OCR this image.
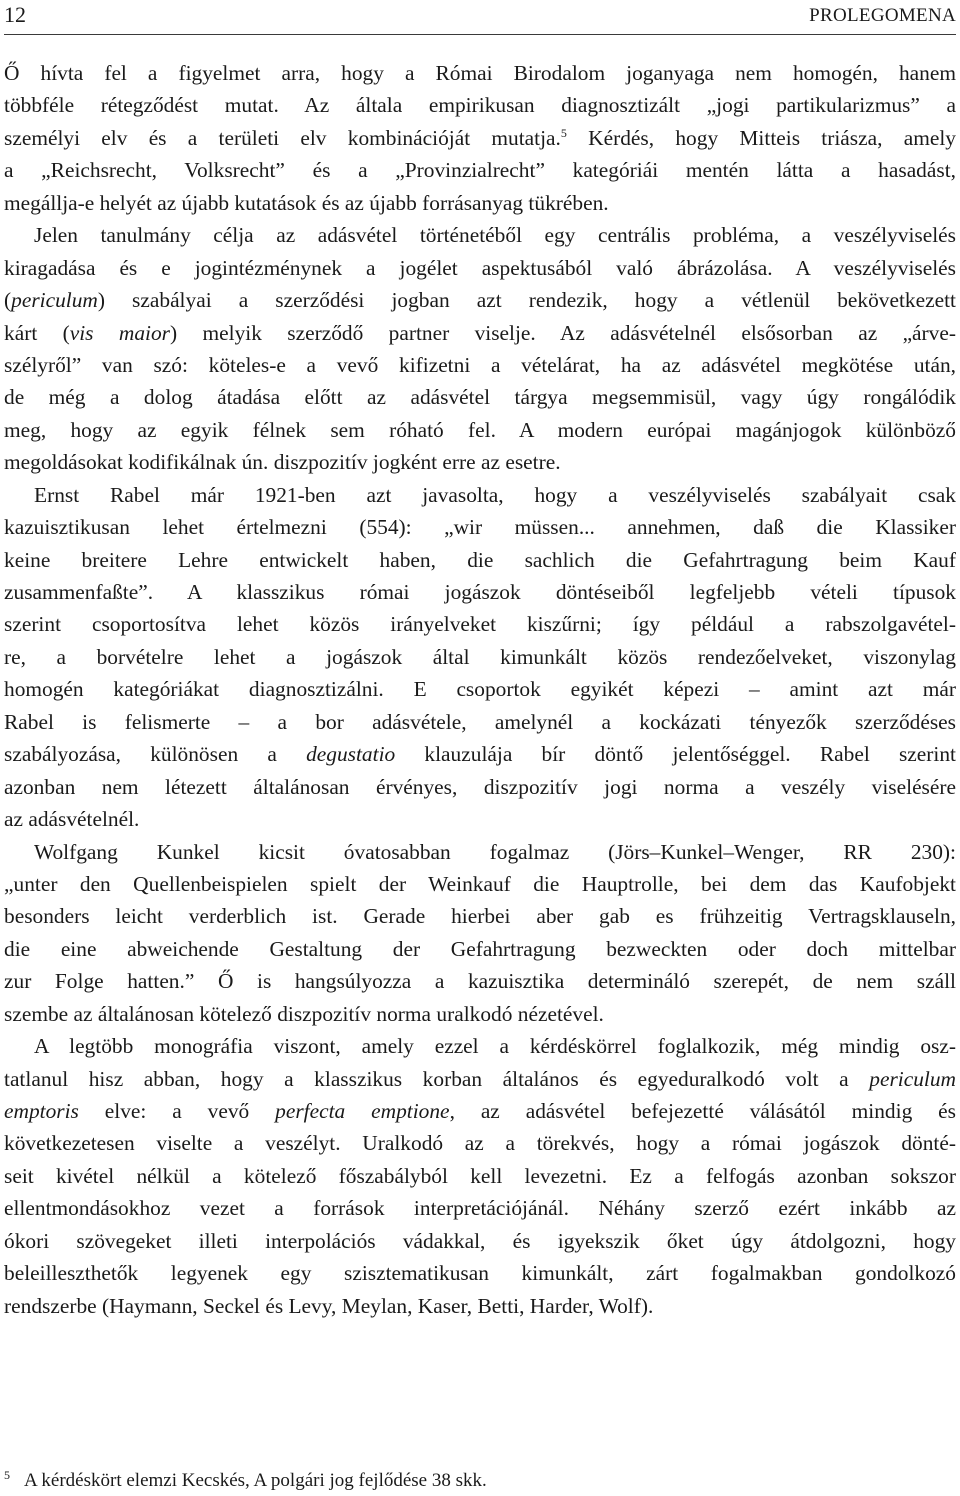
12	PROLEGOMENA
Ő hívta fel a figyelmet arra, hogy a Római Birodalom joganyaga nem homogén, hanem
többféle rétegződést mutat. Az általa empirikusan diagnosztizált „jogi partikularizmus” a
személyi elv és a területi elv kombinációját mutatja.$^5$ Kérdés, hogy Mitteis triásza, amely
a „Reichsrecht, Volksrecht” és a „Provinzialrecht” kategóriái mentén látta a hasadást,
megállja-e helyét az újabb kutatások és az újabb forrásanyag tükrében.
Jelen tanulmány célja az adásvétel történetéből egy centrális probléma, a veszélyviselés
kiragadása és e jogintézménynek a jogélet aspektusából való ábrázolása. A veszélyviselés
(periculum) szabályai a szerződési jogban azt rendezik, hogy a vétlenül bekövetkezett
kárt (vis maior) melyik szerződő partner viselje. Az adásvételnél elsősorban az „árve-
szélyről” van szó: köteles-e a vevő kifizetni a vételárat, ha az adásvétel megkötése után,
de még a dolog átadása előtt az adásvétel tárgya megsemmisül, vagy úgy rongálódik
meg, hogy az egyik félnek sem róható fel. A modern európai magánjogok különböző
megoldásokat kodifikálnak ún. diszpozitív jogként erre az esetre.
Ernst Rabel már 1921-ben azt javasolta, hogy a veszélyviselés szabályait csak
kazuisztikusan lehet értelmezni (554): „wir müssen... annehmen, daß die Klassiker
keine breitere Lehre entwickelt haben, die sachlich die Gefahrtragung beim Kauf
zusammenfaßte”. A klasszikus római jogászok döntéseiből legfeljebb vételi típusok
szerint csoportosítva lehet közös irányelveket kiszűrni; így például a rabszolgavétel-
re, a borvételre lehet a jogászok által kimunkált közös rendezőelveket, viszonylag
homogén kategóriákat diagnosztizálni. E csoportok egyikét képezi – amint azt már
Rabel is felismerte – a bor adásvétele, amelynél a kockázati tényezők szerződéses
szabályozása, különösen a degustatio klauzulája bír döntő jelentőséggel. Rabel szerint
azonban nem létezett általánosan érvényes, diszpozitív jogi norma a veszély viselésére
az adásvételnél.
Wolfgang Kunkel kicsit óvatosabban fogalmaz (Jörs–Kunkel–Wenger, RR 230):
„unter den Quellenbeispielen spielt der Weinkauf die Hauptrolle, bei dem das Kaufobjekt
besonders leicht verderblich ist. Gerade hierbei aber gab es frühzeitig Vertragsklauseln,
die eine abweichende Gestaltung der Gefahrtragung bezweckten oder doch mittelbar
zur Folge hatten.” Ő is hangsúlyozza a kazuisztika determináló szerepét, de nem száll
szembe az általánosan kötelező diszpozitív norma uralkodó nézetével.
A legtöbb monográfia viszont, amely ezzel a kérdéskörrel foglalkozik, még mindig osz-
tatlanul hisz abban, hogy a klasszikus korban általános és egyeduralkodó volt a periculum
emptoris elve: a vevő perfecta emptione, az adásvétel befejezetté válásától mindig és
következetesen viselte a veszélyt. Uralkodó az a törekvés, hogy a római jogászok dönté-
seit kivétel nélkül a kötelező főszabályból kell levezetni. Ez a felfogás azonban sokszor
ellentmondásokhoz vezet a források interpretációjánál. Néhány szerző ezért inkább az
ókori szövegeket illeti interpolációs vádakkal, és igyekszik őket úgy átdolgozni, hogy
beleilleszthetők legyenek egy szisztematikusan kimunkált, zárt fogalmakban gondolkozó
rendszerbe (Haymann, Seckel és Levy, Meylan, Kaser, Betti, Harder, Wolf).
$^5$ A kérdéskört elemzi Kecskés, A polgári jog fejlődése 38 skk.
